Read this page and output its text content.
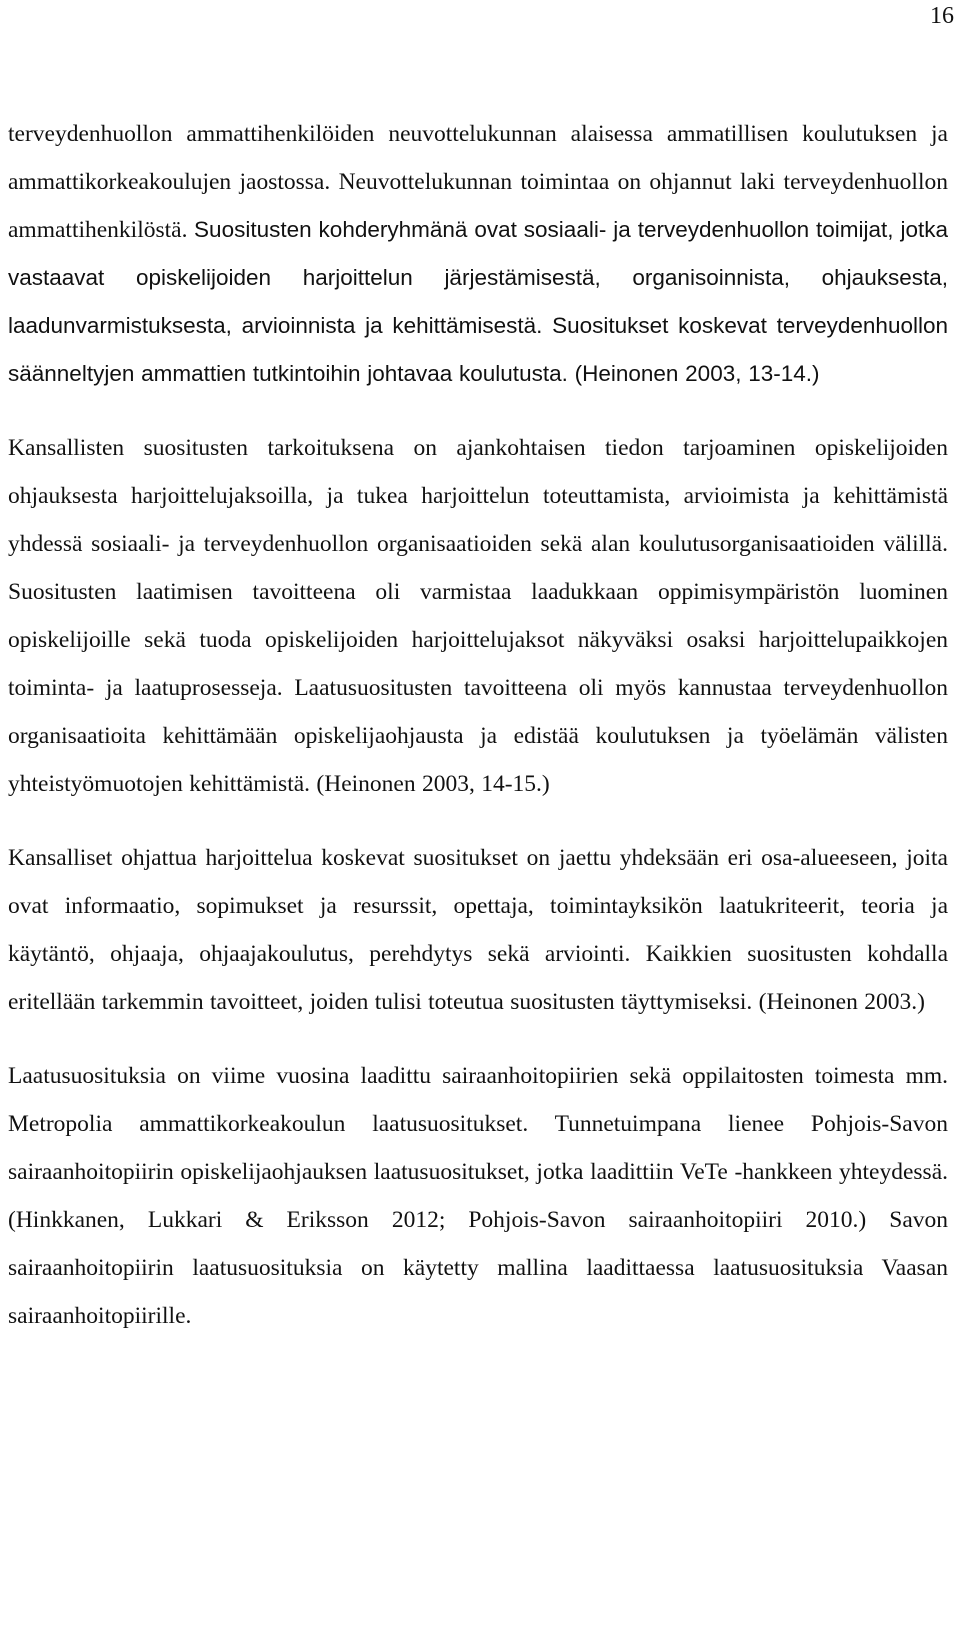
16

terveydenhuollon ammattihenkilöiden neuvottelukunnan alaisessa ammatillisen koulutuksen ja ammattikorkeakoulujen jaostossa. Neuvottelukunnan toimintaa on ohjannut laki terveydenhuollon ammattihenkilöstä. Suositusten kohderyhmänä ovat sosiaali- ja terveydenhuollon toimijat, jotka vastaavat opiskelijoiden harjoittelun järjestämisestä, organisoinnista, ohjauksesta, laadunvarmistuksesta, arvioinnista ja kehittämisestä. Suositukset koskevat terveydenhuollon säänneltyjen ammattien tutkintoihin johtavaa koulutusta. (Heinonen 2003, 13-14.)

Kansallisten suositusten tarkoituksena on ajankohtaisen tiedon tarjoaminen opiskelijoiden ohjauksesta harjoittelujaksoilla, ja tukea harjoittelun toteuttamista, arvioimista ja kehittämistä yhdessä sosiaali- ja terveydenhuollon organisaatioiden sekä alan koulutusorganisaatioiden välillä. Suositusten laatimisen tavoitteena oli varmistaa laadukkaan oppimisympäristön luominen opiskelijoille sekä tuoda opiskelijoiden harjoittelujaksot näkyväksi osaksi harjoittelupaikkojen toiminta- ja laatuprosesseja. Laatusuositusten tavoitteena oli myös kannustaa terveydenhuollon organisaatioita kehittämään opiskelijaohjausta ja edistää koulutuksen ja työelämän välisten yhteistyömuotojen kehittämistä. (Heinonen 2003, 14-15.)

Kansalliset ohjattua harjoittelua koskevat suositukset on jaettu yhdeksään eri osa-alueeseen, joita ovat informaatio, sopimukset ja resurssit, opettaja, toimintayksikön laatukriteerit, teoria ja käytäntö, ohjaaja, ohjaajakoulutus, perehdytys sekä arviointi. Kaikkien suositusten kohdalla eritellään tarkemmin tavoitteet, joiden tulisi toteutua suositusten täyttymiseksi. (Heinonen 2003.)

Laatusuosituksia on viime vuosina laadittu sairaanhoitopiirien sekä oppilaitosten toimesta mm. Metropolia ammattikorkeakoulun laatusuositukset. Tunnetuimpana lienee Pohjois-Savon sairaanhoitopiirin opiskelijaohjauksen laatusuositukset, jotka laadittiin VeTe -hankkeen yhteydessä. (Hinkkanen, Lukkari & Eriksson 2012; Pohjois-Savon sairaanhoitopiiri 2010.) Savon sairaanhoitopiirin laatusuosituksia on käytetty mallina laadittaessa laatusuosituksia Vaasan sairaanhoitopiirille.
